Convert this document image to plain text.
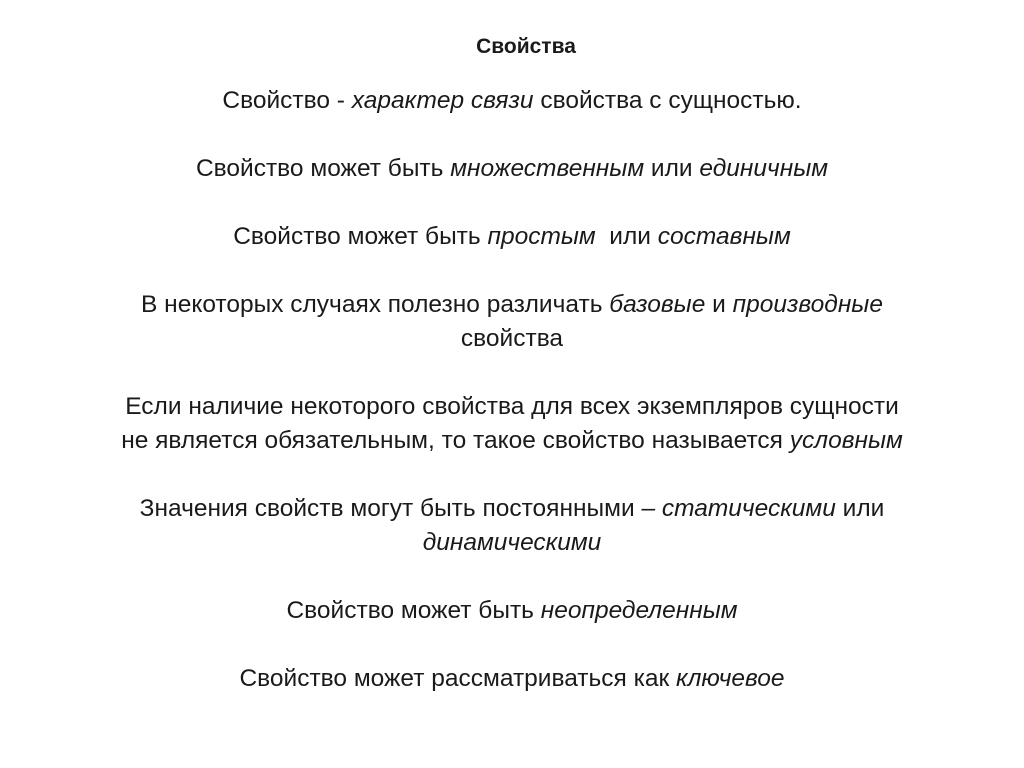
Свойства

Свойство - характер связи свойства с сущностью.

Свойство может быть множественным или единичным

Свойство может быть простым  или составным

В некоторых случаях полезно различать базовые и производные
свойства

Если наличие некоторого свойства для всех экземпляров сущности
не является обязательным, то такое свойство называется условным

Значения свойств могут быть постоянными – статическими или
динамическими

Свойство может быть неопределенным

Свойство может рассматриваться как ключевое
